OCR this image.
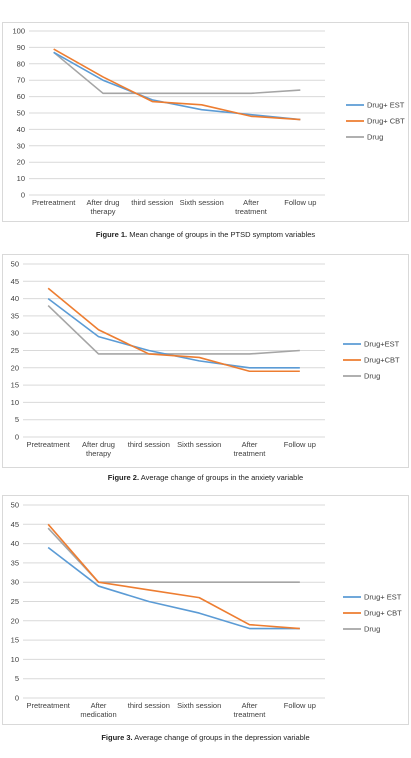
0
10
20
30
40
50
60
70
80
90
100
Pretreatment After drug therapy
third session Sixth session	After treatment
Follow up
Drug+ EST
Drug+ CBT
Drug
Figure 1. Mean change of groups in the PTSD symptom variables
0
5
10
15
20
25
30
35
40
45
50
Pretreatment After drug therapy
third session Sixth session	After treatment
Follow up
Drug+EST
Drug+CBT
Drug
Figure 2. Average change of groups in the anxiety variable
0
5
10
15
20
25
30
35
40
45
50
Pretreatment	After medication
third session Sixth session	After treatment
Follow up
Drug+ EST
Drug+ CBT
Drug
Figure 3. Average change of groups in the depression variable
